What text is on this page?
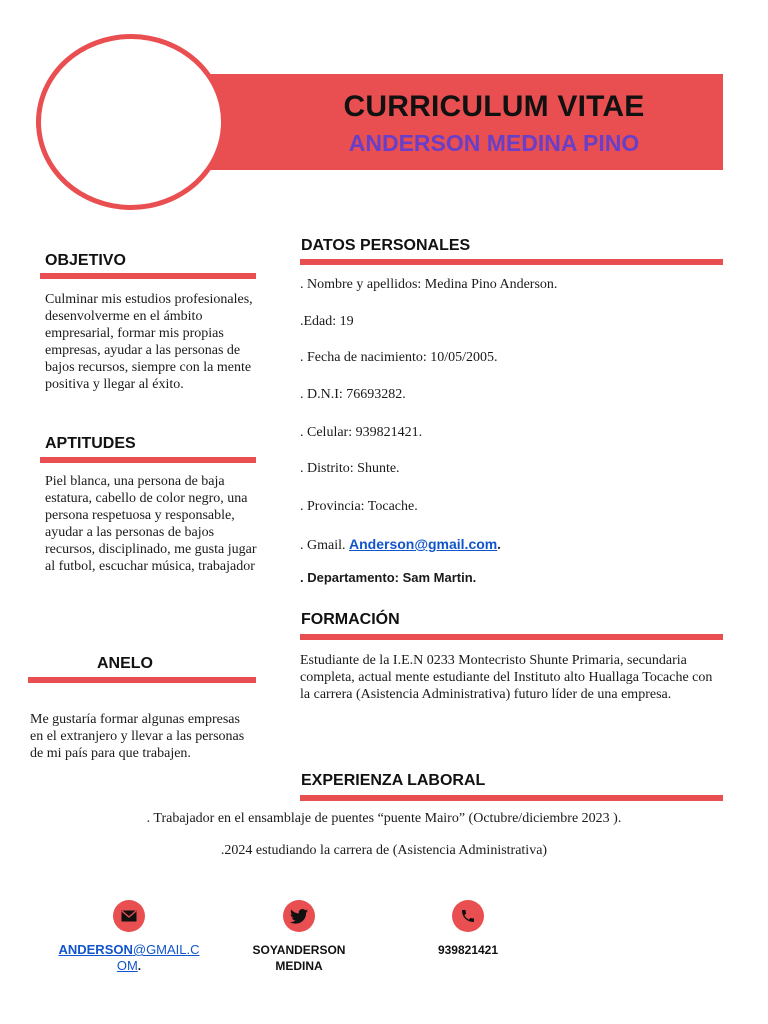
CURRICULUM VITAE
ANDERSON MEDINA PINO
OBJETIVO

Culminar mis estudios profesionales, desenvolverme en el ámbito empresarial, formar mis propias empresas, ayudar a las personas de bajos recursos, siempre con la mente positiva y llegar al éxito.

APTITUDES

Piel blanca, una persona de baja estatura, cabello de color negro, una persona respetuosa y responsable, ayudar a las personas de bajos recursos, disciplinado, me gusta jugar al futbol, escuchar música, trabajador

ANELO

Me gustaría formar algunas empresas en el extranjero y llevar a las personas de mi país para que trabajen.

DATOS PERSONALES

. Nombre y apellidos: Medina Pino Anderson.

.Edad: 19

. Fecha de nacimiento: 10/05/2005.

. D.N.I: 76693282.

. Celular: 939821421.

. Distrito: Shunte.

. Provincia: Tocache.

. Gmail. Anderson@gmail.com.

. Departamento: Sam Martin.

FORMACIÓN

Estudiante de la I.E.N 0233 Montecristo Shunte Primaria, secundaria completa, actual mente estudiante del Instituto alto Huallaga Tocache con la carrera (Asistencia Administrativa) futuro líder de una empresa.

EXPERIENZA LABORAL

. Trabajador en el ensamblaje de puentes “puente Mairo” (Octubre/diciembre 2023 ).

.2024 estudiando la carrera de (Asistencia Administrativa)

ANDERSON@GMAIL.C
OM.
SOYANDERSON
MEDINA
939821421
